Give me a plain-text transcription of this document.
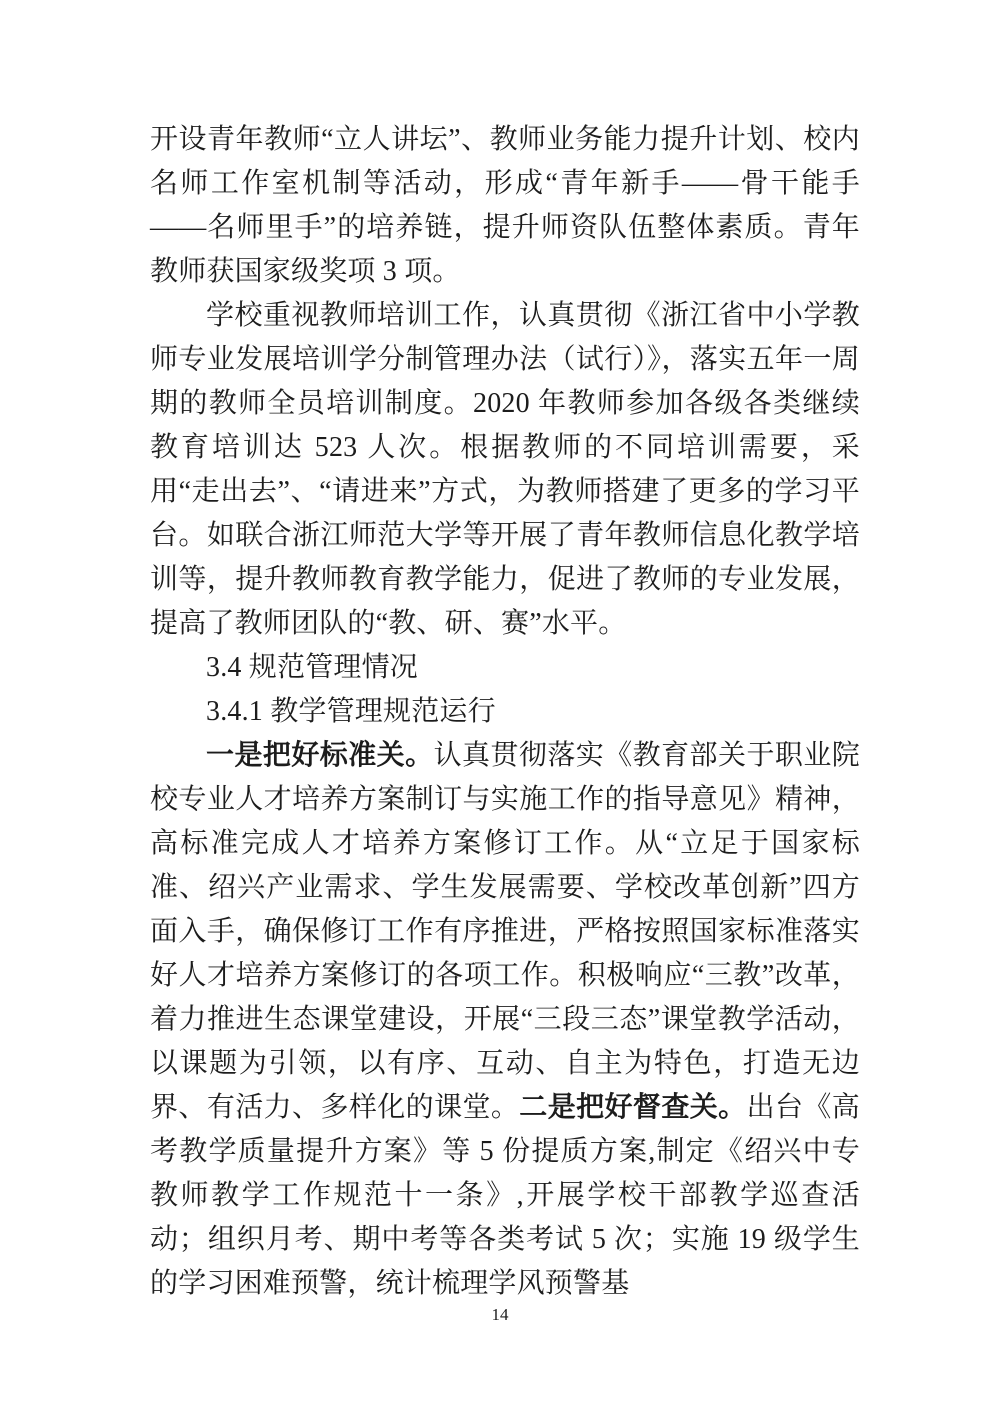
开设青年教师“立人讲坛”、教师业务能力提升计划、校内名师工作室机制等活动，形成“青年新手——骨干能手——名师里手”的培养链，提升师资队伍整体素质。青年教师获国家级奖项 3 项。

学校重视教师培训工作，认真贯彻《浙江省中小学教师专业发展培训学分制管理办法（试行）》，落实五年一周期的教师全员培训制度。2020 年教师参加各级各类继续教育培训达 523 人次。根据教师的不同培训需要，采用“走出去”、“请进来”方式，为教师搭建了更多的学习平台。如联合浙江师范大学等开展了青年教师信息化教学培训等，提升教师教育教学能力，促进了教师的专业发展，提高了教师团队的“教、研、赛”水平。

3.4 规范管理情况

3.4.1 教学管理规范运行

一是把好标准关。认真贯彻落实《教育部关于职业院校专业人才培养方案制订与实施工作的指导意见》精神，高标准完成人才培养方案修订工作。从“立足于国家标准、绍兴产业需求、学生发展需要、学校改革创新”四方面入手，确保修订工作有序推进，严格按照国家标准落实好人才培养方案修订的各项工作。积极响应“三教”改革，着力推进生态课堂建设，开展“三段三态”课堂教学活动，以课题为引领，以有序、互动、自主为特色，打造无边界、有活力、多样化的课堂。二是把好督查关。出台《高考教学质量提升方案》等 5 份提质方案,制定《绍兴中专教师教学工作规范十一条》,开展学校干部教学巡查活动；组织月考、期中考等各类考试 5 次；实施 19 级学生的学习困难预警，统计梳理学风预警基

14
